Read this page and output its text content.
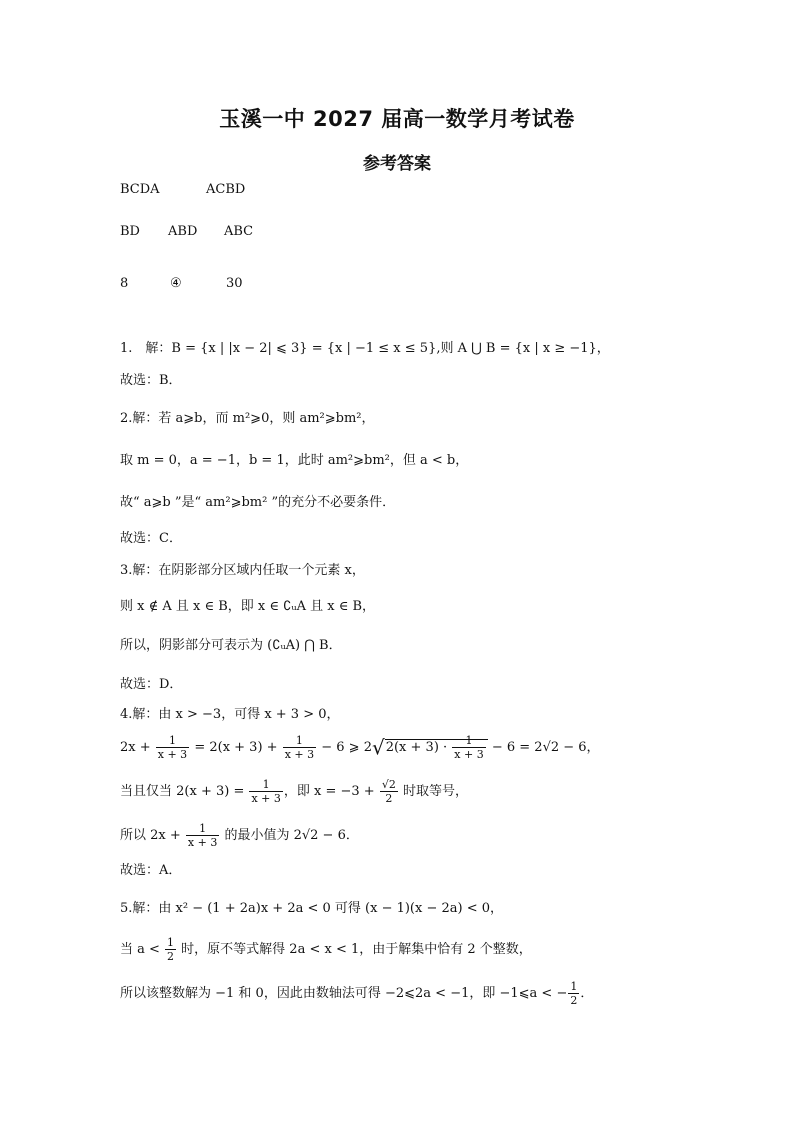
玉溪一中 2027 届高一数学月考试卷
参考答案
BCDA	ACBD
BD ABD ABC
8	④	30
1.　解：B = {x | |x − 2| ⩽ 3} = {x | −1 ≤ x ≤ 5},则 A ⋃ B = {x | x ≥ −1}，
故选：B．
2.解：若 a⩾b，而 m²⩾0，则 am²⩾bm²，
取 m = 0，a = −1，b = 1，此时 am²⩾bm²，但 a < b，
故“ a⩾b ”是“ am²⩾bm² ”的充分不必要条件．
故选：C．
3.解：在阴影部分区域内任取一个元素 x，
则 x ∉ A 且 x ∈ B，即 x ∈ ∁ᵤA 且 x ∈ B，
所以，阴影部分可表示为 (∁ᵤA) ⋂ B．
故选：D．
4.解：由 x > −3，可得 x + 3 > 0，
$2x + \frac{1}{x + 3} = 2(x + 3) + \frac{1}{x + 3} - 6$ ⩾ $2√2(x + 3) \cdot \frac{1}{x + 3} - 6 = 2√2 - 6$，
当且仅当 $2(x + 3) = \frac{1}{x + 3}$ ，即 $x = -3 + \frac{√2}{2}$ 时取等号，
所以 $2x + \frac{1}{x + 3}$ 的最小值为 2√2 − 6．
故选：A．
5.解：由 x² − (1 + 2a)x + 2a < 0 可得 (x − 1)(x − 2a) < 0，
当 $a < \frac{1}{2}$ 时，原不等式解得 2a < x < 1，由于解集中恰有 2 个整数，
所以该整数解为 −1 和 0，因此由数轴法可得 −2⩽2a < −1，即 −1⩽a < − $\frac{1}{2}$ ．
